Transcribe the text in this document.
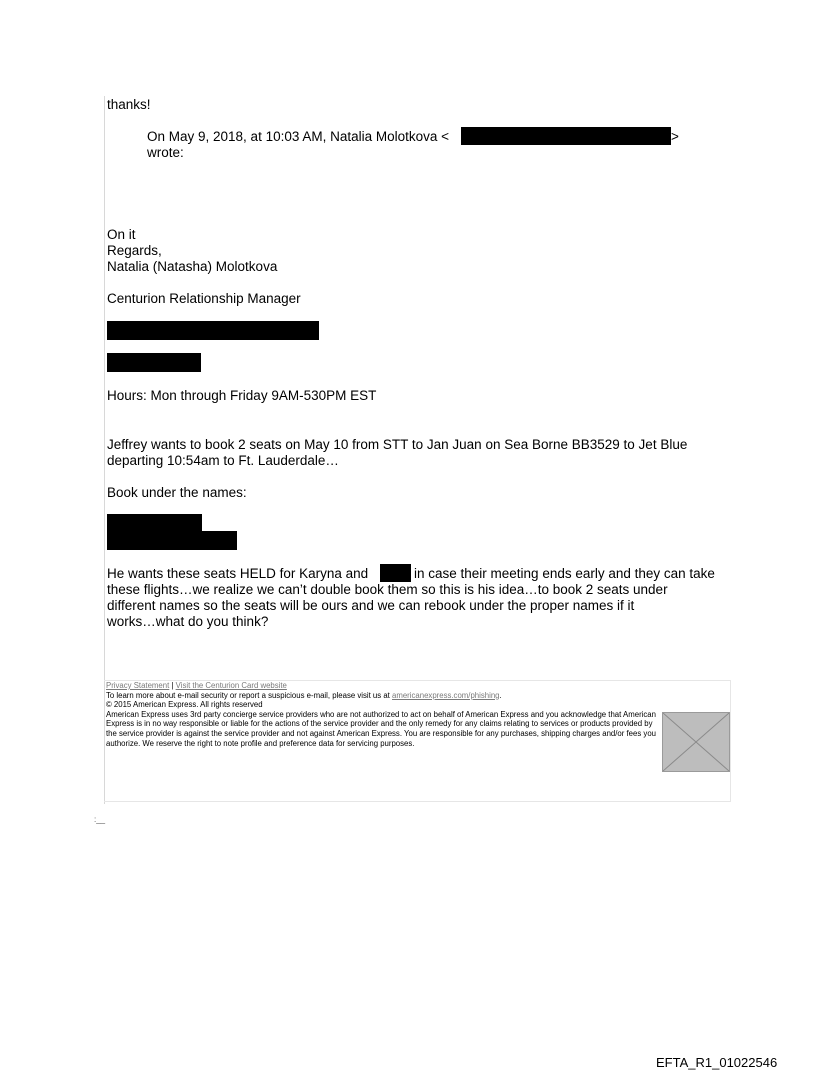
thanks!
On May 9, 2018, at 10:03 AM, Natalia Molotkova <	>
wrote:
On it
Regards,
Natalia (Natasha) Molotkova
Centurion Relationship Manager
Hours: Mon through Friday 9AM-530PM EST
Jeffrey wants to book 2 seats on May 10 from STT to Jan Juan on Sea Borne BB3529 to Jet Blue departing 10:54am to Ft. Lauderdale…
Book under the names:
He wants these seats HELD for Karyna and	in case their meeting ends early and they can take
these flights…we realize we can’t double book them so this is his idea…to book 2 seats under different names so the seats will be ours and we can rebook under the proper names if it works…what do you think?
Privacy Statement | Visit the Centurion Card website
To learn more about e-mail security or report a suspicious e-mail, please visit us at americanexpress.com/phishing.
© 2015 American Express. All rights reserved
American Express uses 3rd party concierge service providers who are not authorized to act on behalf of American Express and you acknowledge that American Express is in no way responsible or liable for the actions of the service provider and the only remedy for any claims relating to services or products provided by the service provider is against the service provider and not against American Express. You are responsible for any purchases, shipping charges and/or fees you authorize. We reserve the right to note profile and preference data for servicing purposes.
:__
EFTA_R1_01022546
